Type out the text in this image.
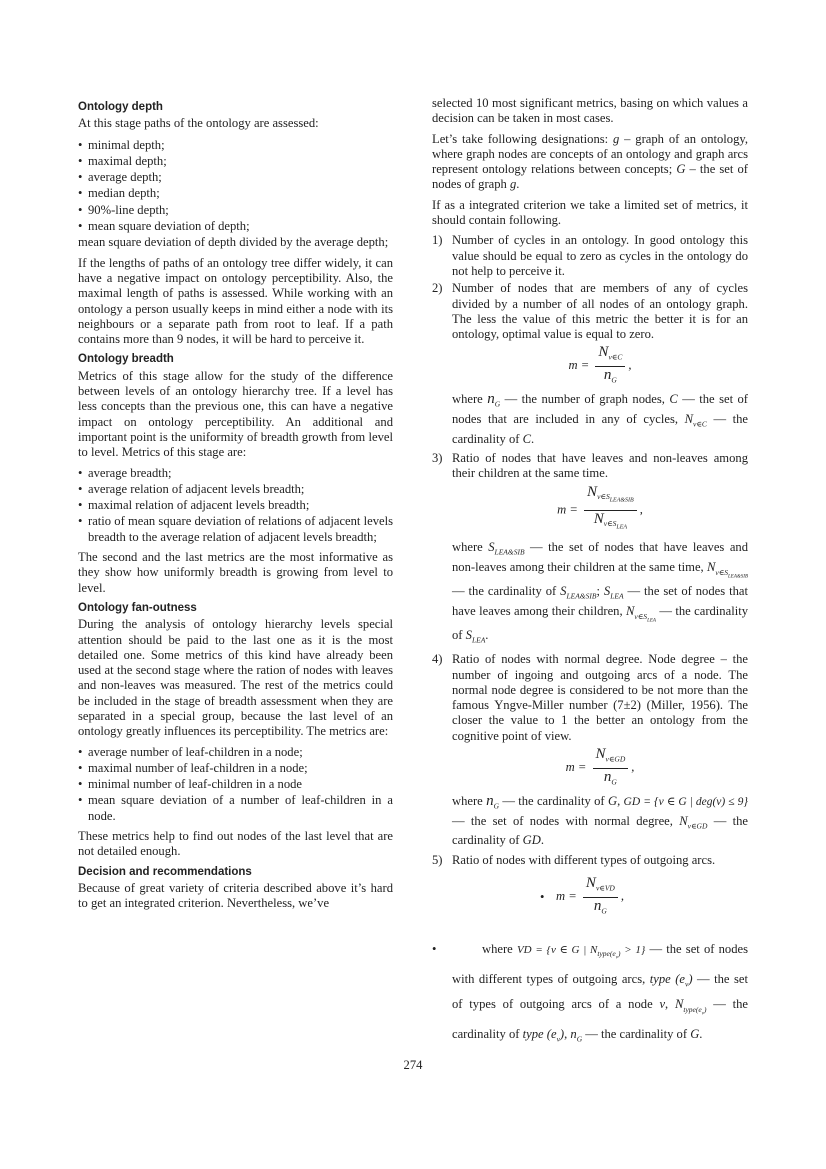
Ontology depth

At this stage paths of the ontology are assessed:

• minimal depth;
• maximal depth;
• average depth;
• median depth;
• 90%-line depth;
• mean square deviation of depth;

mean square deviation of depth divided by the average depth;

If the lengths of paths of an ontology tree differ widely, it can have a negative impact on ontology perceptibility. Also, the maximal length of paths is assessed. While working with an ontology a person usually keeps in mind either a node with its neighbours or a separate path from root to leaf. If a path contains more than 9 nodes, it will be hard to perceive it.

Ontology breadth

Metrics of this stage allow for the study of the difference between levels of an ontology hierarchy tree. If a level has less concepts than the previous one, this can have a negative impact on ontology perceptibility. An additional and important point is the uniformity of breadth growth from level to level. Metrics of this stage are:

• average breadth;
• average relation of adjacent levels breadth;
• maximal relation of adjacent levels breadth;
• ratio of mean square deviation of relations of adjacent levels breadth to the average relation of adjacent levels breadth;

The second and the last metrics are the most informative as they show how uniformly breadth is growing from level to level.

Ontology fan-outness

During the analysis of ontology hierarchy levels special attention should be paid to the last one as it is the most detailed one. Some metrics of this kind have already been used at the second stage where the ration of nodes with leaves and non-leaves was measured. The rest of the metrics could be included in the stage of breadth assessment when they are separated in a special group, because the last level of an ontology greatly influences its perceptibility. The metrics are:

• average number of leaf-children in a node;
• maximal number of leaf-children in a node;
• minimal number of leaf-children in a node
• mean square deviation of a number of leaf-children in a node.

These metrics help to find out nodes of the last level that are not detailed enough.

Decision and recommendations

Because of great variety of criteria described above it’s hard to get an integrated criterion. Nevertheless, we’ve

selected 10 most significant metrics, basing on which values a decision can be taken in most cases.

Let’s take following designations: g – graph of an ontology, where graph nodes are concepts of an ontology and graph arcs represent ontology relations between concepts; G – the set of nodes of graph g.

If as a integrated criterion we take a limited set of metrics, it should contain following.

1) Number of cycles in an ontology. In good ontology this value should be equal to zero as cycles in the ontology do not help to perceive it.
2) Number of nodes that are members of any of cycles divided by a number of all nodes of an ontology graph. The less the value of this metric the better it is for an ontology, optimal value is equal to zero.
$m = \frac{N_{v\in C}}{n_G}$ ,
where $n_G$ — the number of graph nodes, C — the set of nodes that are included in any of cycles, $N_{v\in C}$ — the cardinality of C.
3) Ratio of nodes that have leaves and non-leaves among their children at the same time.
$m = \frac{N_{v\in S_{LEA\&SIB}}}{N_{v\in S_{LEA}}}$ ,
where $S_{LEA\&SIB}$ — the set of nodes that have leaves and non-leaves among their children at the same time, $N_{v\in S_{LEA\&SIB}}$ — the cardinality of $S_{LEA\&SIB}$; $S_{LEA}$ — the set of nodes that have leaves among their children, $N_{v\in S_{LEA}}$ — the cardinality of $S_{LEA}$.
4) Ratio of nodes with normal degree. Node degree – the number of ingoing and outgoing arcs of a node. The normal node degree is considered to be not more than the famous Yngve-Miller number (7±2) (Miller, 1956). The closer the value to 1 the better an ontology from the cognitive point of view.
$m = \frac{N_{v\in GD}}{n_G}$ ,
where $n_G$ — the cardinality of G, GD = {v ∈ G | deg(v) ≤ 9} — the set of nodes with normal degree, $N_{v\in GD}$ — the cardinality of GD.
5) Ratio of nodes with different types of outgoing arcs.
• $m = \frac{N_{v\in VD}}{n_G}$ ,
•	where VD = {v ∈ G | $N_{type(e_v)} > 1$} — the set of nodes with different types of outgoing arcs, type $(e_v)$ — the set of types of outgoing arcs of a node v, $N_{type(e_v)}$ — the cardinality of type $(e_v)$, $n_G$ — the cardinality of G.
274
